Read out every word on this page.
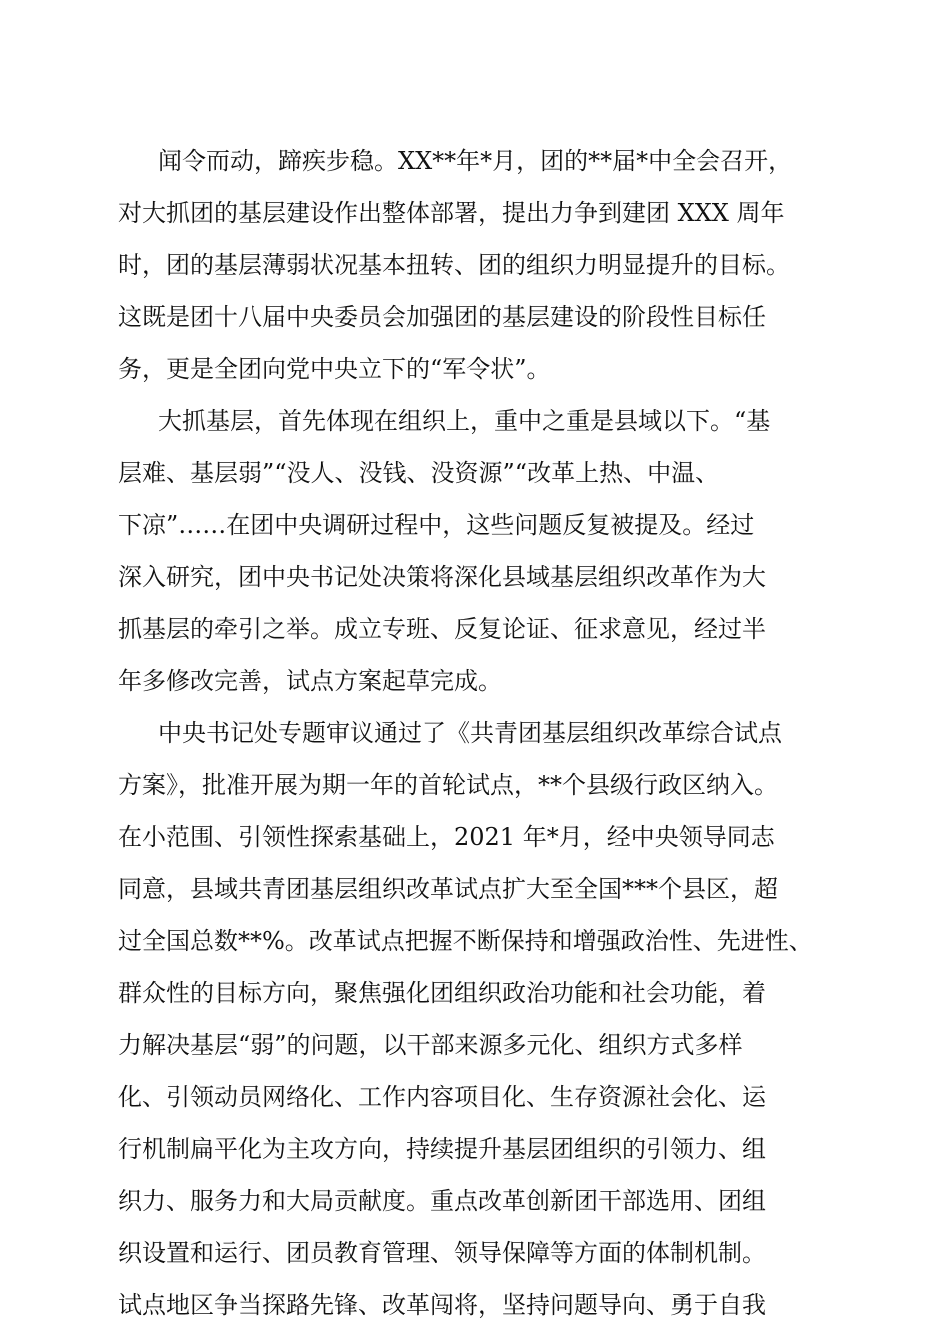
闻令而动，蹄疾步稳。XX**年*月，团的**届*中全会召开，
对大抓团的基层建设作出整体部署，提出力争到建团 XXX 周年
时，团的基层薄弱状况基本扭转、团的组织力明显提升的目标。
这既是团十八届中央委员会加强团的基层建设的阶段性目标任
务，更是全团向党中央立下的“军令状”。
大抓基层，首先体现在组织上，重中之重是县域以下。“基
层难、基层弱”“没人、没钱、没资源”“改革上热、中温、
下凉”……在团中央调研过程中，这些问题反复被提及。经过
深入研究，团中央书记处决策将深化县域基层组织改革作为大
抓基层的牵引之举。成立专班、反复论证、征求意见，经过半
年多修改完善，试点方案起草完成。
中央书记处专题审议通过了《共青团基层组织改革综合试点
方案》，批准开展为期一年的首轮试点，**个县级行政区纳入。
在小范围、引领性探索基础上，2021 年*月，经中央领导同志
同意，县域共青团基层组织改革试点扩大至全国***个县区，超
过全国总数**%。改革试点把握不断保持和增强政治性、先进性、
群众性的目标方向，聚焦强化团组织政治功能和社会功能，着
力解决基层“弱”的问题，以干部来源多元化、组织方式多样
化、引领动员网络化、工作内容项目化、生存资源社会化、运
行机制扁平化为主攻方向，持续提升基层团组织的引领力、组
织力、服务力和大局贡献度。重点改革创新团干部选用、团组
织设置和运行、团员教育管理、领导保障等方面的体制机制。
试点地区争当探路先锋、改革闯将，坚持问题导向、勇于自我
